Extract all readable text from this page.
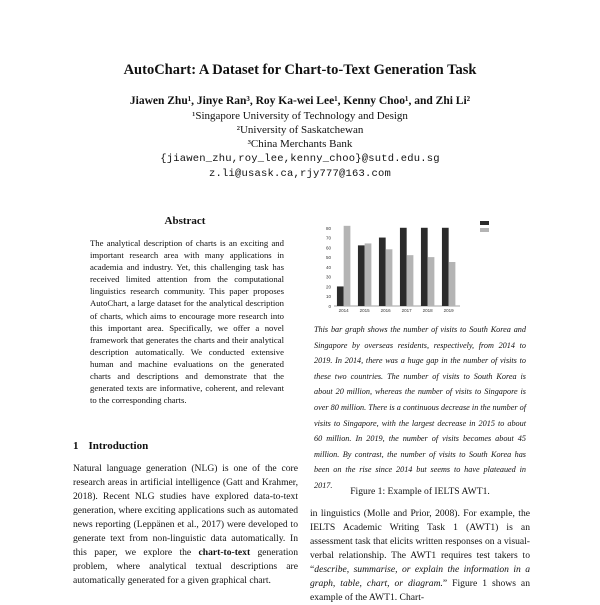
AutoChart: A Dataset for Chart-to-Text Generation Task
Jiawen Zhu¹, Jinye Ran³, Roy Ka-wei Lee¹, Kenny Choo¹, and Zhi Li²
¹Singapore University of Technology and Design
²University of Saskatchewan
³China Merchants Bank
{jiawen_zhu,roy_lee,kenny_choo}@sutd.edu.sg
z.li@usask.ca,rjy777@163.com
Abstract
The analytical description of charts is an exciting and important research area with many applications in academia and industry. Yet, this challenging task has received limited attention from the computational linguistics research community. This paper proposes AutoChart, a large dataset for the analytical description of charts, which aims to encourage more research into this important area. Specifically, we offer a novel framework that generates the charts and their analytical description automatically. We conducted extensive human and machine evaluations on the generated charts and descriptions and demonstrate that the generated texts are informative, coherent, and relevant to the corresponding charts.
1 Introduction
Natural language generation (NLG) is one of the core research areas in artificial intelligence (Gatt and Krahmer, 2018). Recent NLG studies have explored data-to-text generation, where exciting applications such as automated news reporting (Leppänen et al., 2017) were developed to generate text from non-linguistic data automatically. In this paper, we explore the chart-to-text generation problem, where analytical textual descriptions are automatically generated for a given graphical chart.
0
10
20
30
40
50
60
70
80
2014 2015 2016 2017 2018 2019
This bar graph shows the number of visits to South Korea and Singapore by overseas residents, respectively, from 2014 to 2019. In 2014, there was a huge gap in the number of visits to these two countries. The number of visits to South Korea is about 20 million, whereas the number of visits to Singapore is over 80 million. There is a continuous decrease in the number of visits to Singapore, with the largest decrease in 2015 to about 60 million. In 2019, the number of visits becomes about 45 million. By contrast, the number of visits to South Korea has been on the rise since 2014 but seems to have plateaued in 2017.
Figure 1: Example of IELTS AWT1.
in linguistics (Molle and Prior, 2008). For example, the IELTS Academic Writing Task 1 (AWT1) is an assessment task that elicits written responses on a visual-verbal relationship. The AWT1 requires test takers to “describe, summarise, or explain the information in a graph, table, chart, or diagram.” Figure 1 shows an example of the AWT1. Chart-
